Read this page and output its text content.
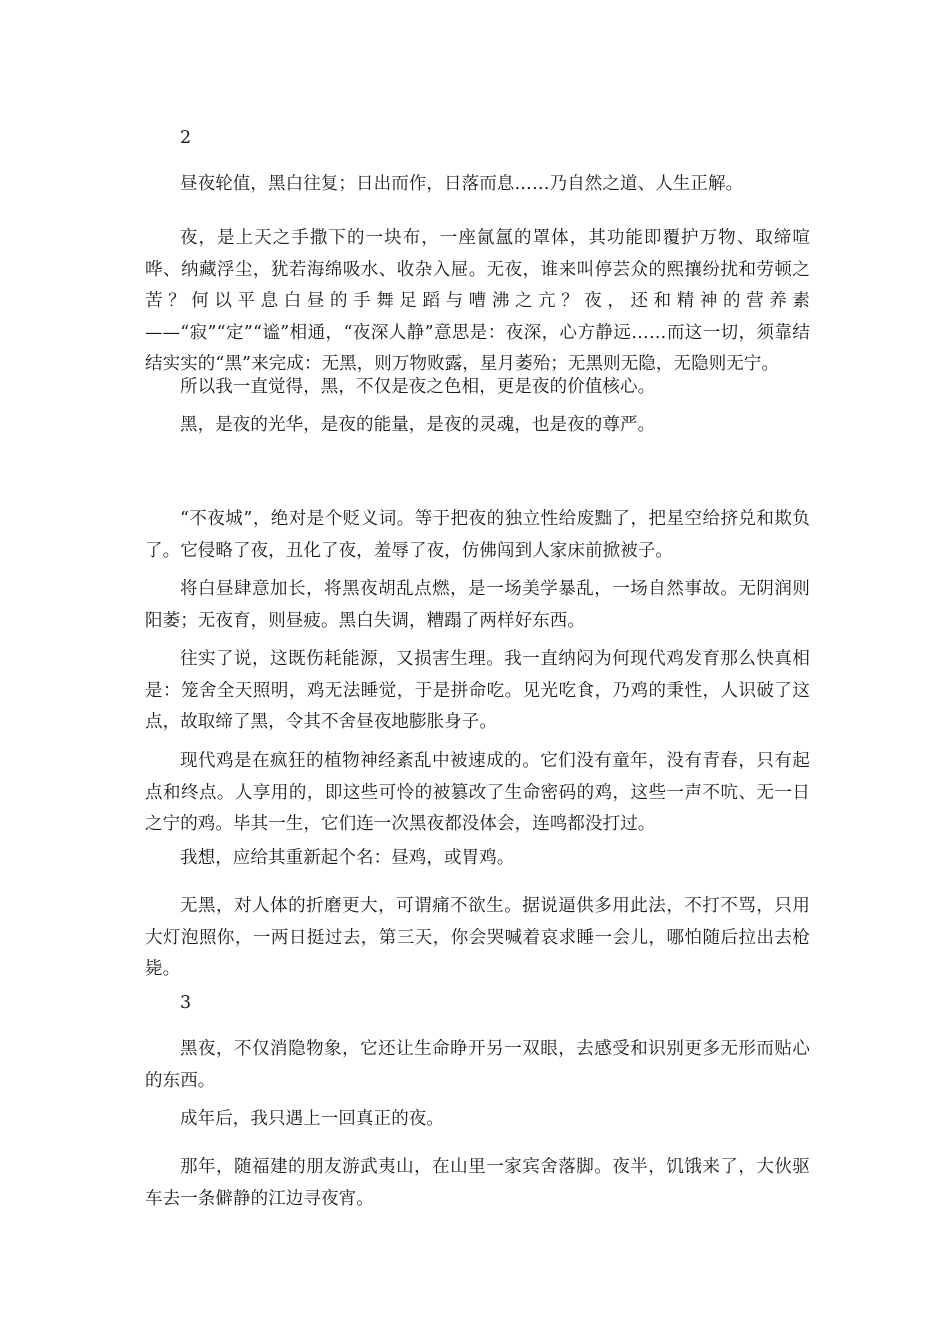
2

昼夜轮值，黑白往复；日出而作，日落而息……乃自然之道、人生正解。

夜，是上天之手撒下的一块布，一座氤氲的罩体，其功能即覆护万物、取缔喧哗、纳藏浮尘，犹若海绵吸水、收杂入屉。无夜，谁来叫停芸众的熙攘纷扰和劳顿之苦？何以平息白昼的手舞足蹈与嘈沸之亢？夜，还和精神的营养素——“寂”“定”“谧”相通，“夜深人静”意思是：夜深，心方静远……而这一切，须靠结结实实的“黑”来完成：无黑，则万物败露，星月萎殆；无黑则无隐，无隐则无宁。

所以我一直觉得，黑，不仅是夜之色相，更是夜的价值核心。

黑，是夜的光华，是夜的能量，是夜的灵魂，也是夜的尊严。

“不夜城”，绝对是个贬义词。等于把夜的独立性给废黜了，把星空给挤兑和欺负了。它侵略了夜，丑化了夜，羞辱了夜，仿佛闯到人家床前掀被子。

将白昼肆意加长，将黑夜胡乱点燃，是一场美学暴乱，一场自然事故。无阴润则阳萎；无夜育，则昼疲。黑白失调，糟蹋了两样好东西。

往实了说，这既伤耗能源，又损害生理。我一直纳闷为何现代鸡发育那么快真相是：笼舍全天照明，鸡无法睡觉，于是拼命吃。见光吃食，乃鸡的秉性，人识破了这点，故取缔了黑，令其不舍昼夜地膨胀身子。

现代鸡是在疯狂的植物神经紊乱中被速成的。它们没有童年，没有青春，只有起点和终点。人享用的，即这些可怜的被篡改了生命密码的鸡，这些一声不吭、无一日之宁的鸡。毕其一生，它们连一次黑夜都没体会，连鸣都没打过。

我想，应给其重新起个名：昼鸡，或胃鸡。

无黑，对人体的折磨更大，可谓痛不欲生。据说逼供多用此法，不打不骂，只用大灯泡照你，一两日挺过去，第三天，你会哭喊着哀求睡一会儿，哪怕随后拉出去枪毙。

3

黑夜，不仅消隐物象，它还让生命睁开另一双眼，去感受和识别更多无形而贴心的东西。

成年后，我只遇上一回真正的夜。

那年，随福建的朋友游武夷山，在山里一家宾舍落脚。夜半，饥饿来了，大伙驱车去一条僻静的江边寻夜宵。
